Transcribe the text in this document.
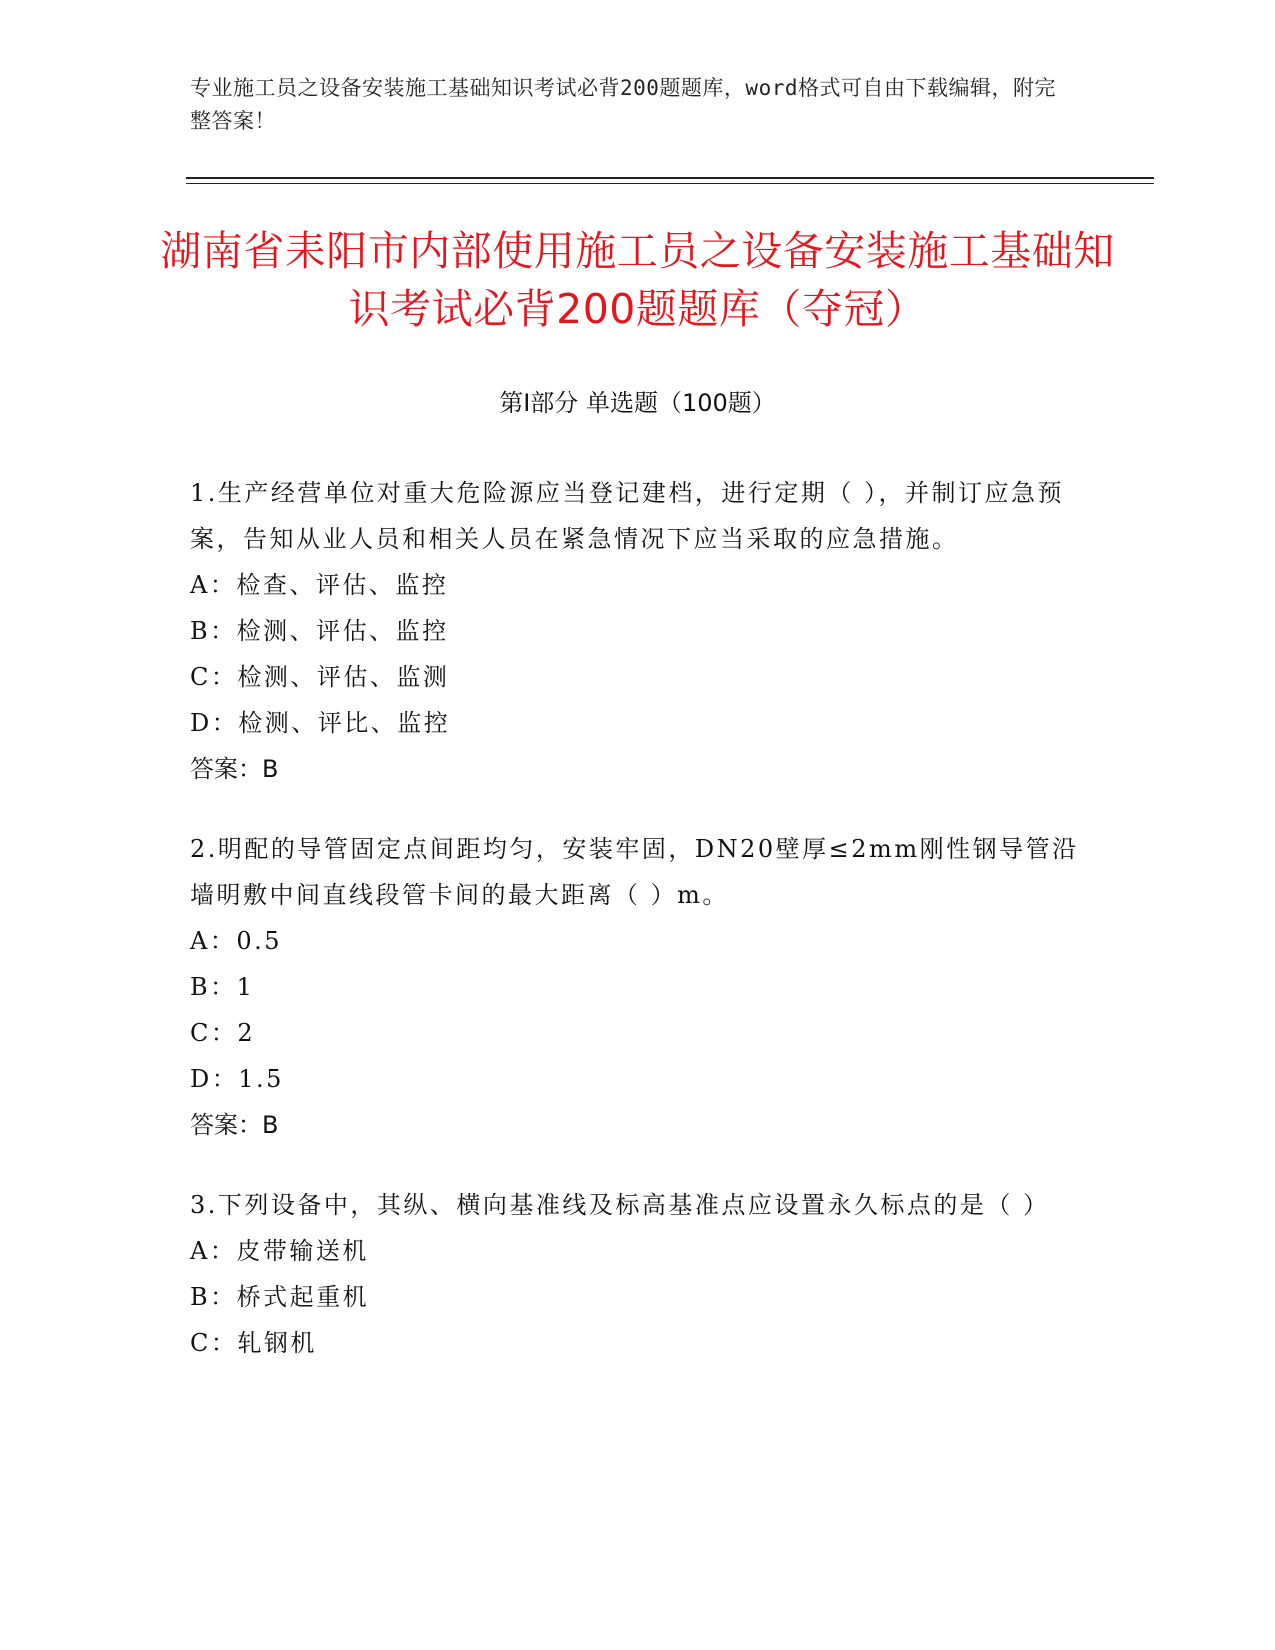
专业施工员之设备安装施工基础知识考试必背200题题库，word格式可自由下载编辑，附完整答案！
湖南省耒阳市内部使用施工员之设备安装施工基础知识考试必背200题题库（夺冠）
第I部分 单选题（100题）
1.生产经营单位对重大危险源应当登记建档，进行定期（ ），并制订应急预案，告知从业人员和相关人员在紧急情况下应当采取的应急措施。
A：检查、评估、监控
B：检测、评估、监控
C：检测、评估、监测
D：检测、评比、监控
答案：B
2.明配的导管固定点间距均匀，安装牢固，DN20壁厚≤2mm刚性钢导管沿墙明敷中间直线段管卡间的最大距离（ ）m。
A：0.5
B：1
C：2
D：1.5
答案：B
3.下列设备中，其纵、横向基准线及标高基准点应设置永久标点的是（ ）
A：皮带输送机
B：桥式起重机
C：轧钢机
